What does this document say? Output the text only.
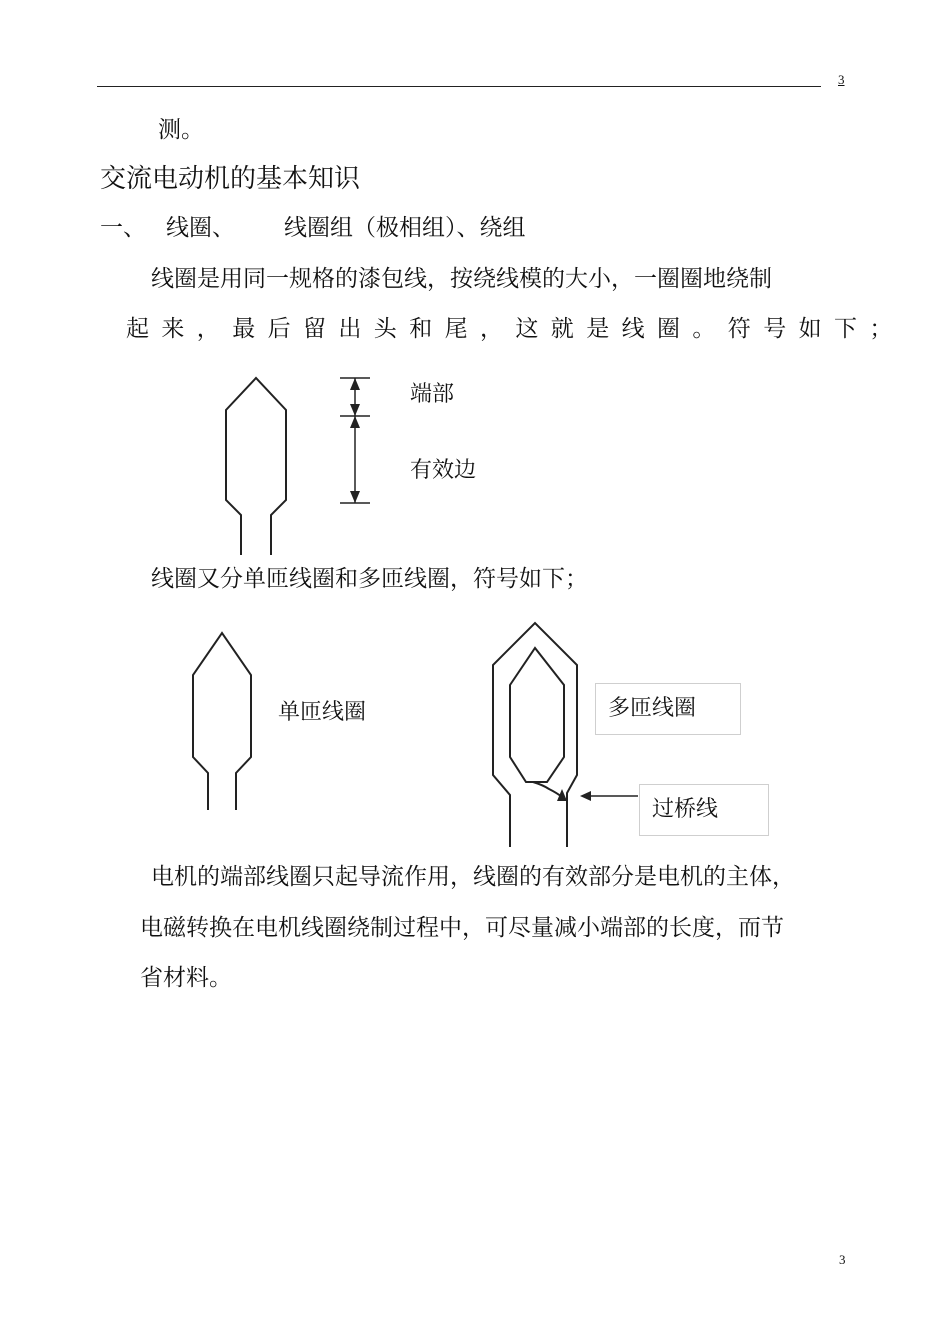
3
测。
交流电动机的基本知识
一、 线圈、 线圈组（极相组）、绕组
线圈是用同一规格的漆包线，按绕线模的大小，一圈圈地绕制
起来，最后留出头和尾，这就是线圈。符号如下；
端部
有效边
线圈又分单匝线圈和多匝线圈，符号如下；
单匝线圈	多匝线圈
过桥线
电机的端部线圈只起导流作用，线圈的有效部分是电机的主体，
电磁转换在电机线圈绕制过程中，可尽量减小端部的长度，而节
省材料。
3
